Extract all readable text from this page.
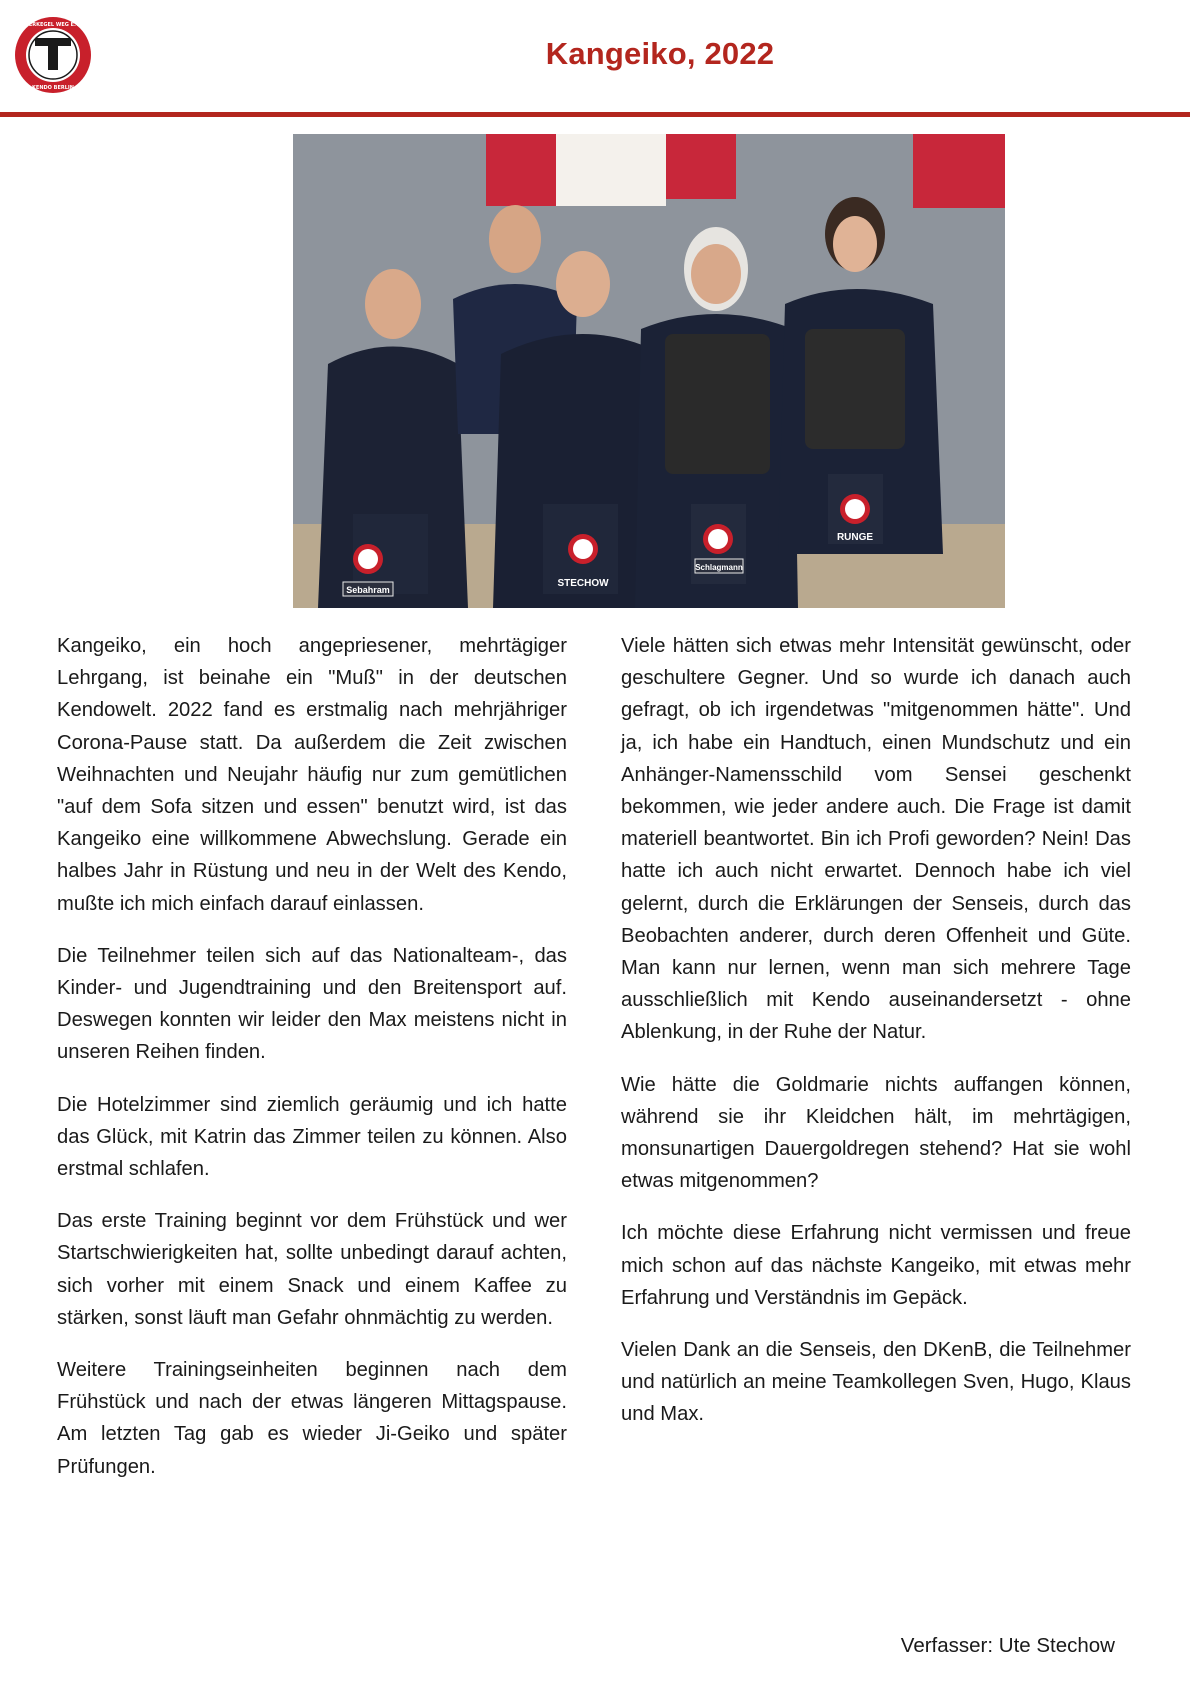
VERKEGEL WEG E.V.
KENDO BERLIN
Kangeiko, 2022
Sebahram
STECHOW
Schlagmann
RUNGE

Kangeiko, ein hoch angepriesener, mehrtägiger Lehrgang, ist beinahe ein "Muß" in der deutschen Kendowelt. 2022 fand es erstmalig nach mehrjähriger Corona-Pause statt. Da außerdem die Zeit zwischen Weihnachten und Neujahr häufig nur zum gemütlichen "auf dem Sofa sitzen und essen" benutzt wird, ist das Kangeiko eine willkommene Abwechslung. Gerade ein halbes Jahr in Rüstung und neu in der Welt des Kendo, mußte ich mich einfach darauf einlassen.

Die Teilnehmer teilen sich auf das Nationalteam-, das Kinder- und Jugendtraining und den Breitensport auf. Deswegen konnten wir leider den Max meistens nicht in unseren Reihen finden.

Die Hotelzimmer sind ziemlich geräumig und ich hatte das Glück, mit Katrin das Zimmer teilen zu können. Also erstmal schlafen.

Das erste Training beginnt vor dem Frühstück und wer Startschwierigkeiten hat, sollte unbedingt darauf achten, sich vorher mit einem Snack und einem Kaffee zu stärken, sonst läuft man Gefahr ohnmächtig zu werden.

Weitere Trainingseinheiten beginnen nach dem Frühstück und nach der etwas längeren Mittagspause. Am letzten Tag gab es wieder Ji-Geiko und später Prüfungen.

Viele hätten sich etwas mehr Intensität gewünscht, oder geschultere Gegner. Und so wurde ich danach auch gefragt, ob ich irgendetwas "mitgenommen hätte". Und ja, ich habe ein Handtuch, einen Mundschutz und ein Anhänger-Namensschild vom Sensei geschenkt bekommen, wie jeder andere auch. Die Frage ist damit materiell beantwortet. Bin ich Profi geworden? Nein! Das hatte ich auch nicht erwartet. Dennoch habe ich viel gelernt, durch die Erklärungen der Senseis, durch das Beobachten anderer, durch deren Offenheit und Güte. Man kann nur lernen, wenn man sich mehrere Tage ausschließlich mit Kendo auseinandersetzt - ohne Ablenkung, in der Ruhe der Natur.

Wie hätte die Goldmarie nichts auffangen können, während sie ihr Kleidchen hält, im mehrtägigen, monsunartigen Dauergoldregen stehend? Hat sie wohl etwas mitgenommen?

Ich möchte diese Erfahrung nicht vermissen und freue mich schon auf das nächste Kangeiko, mit etwas mehr Erfahrung und Verständnis im Gepäck.

Vielen Dank an die Senseis, den DKenB, die Teilnehmer und natürlich an meine Teamkollegen Sven, Hugo, Klaus und Max.

Verfasser: Ute Stechow
